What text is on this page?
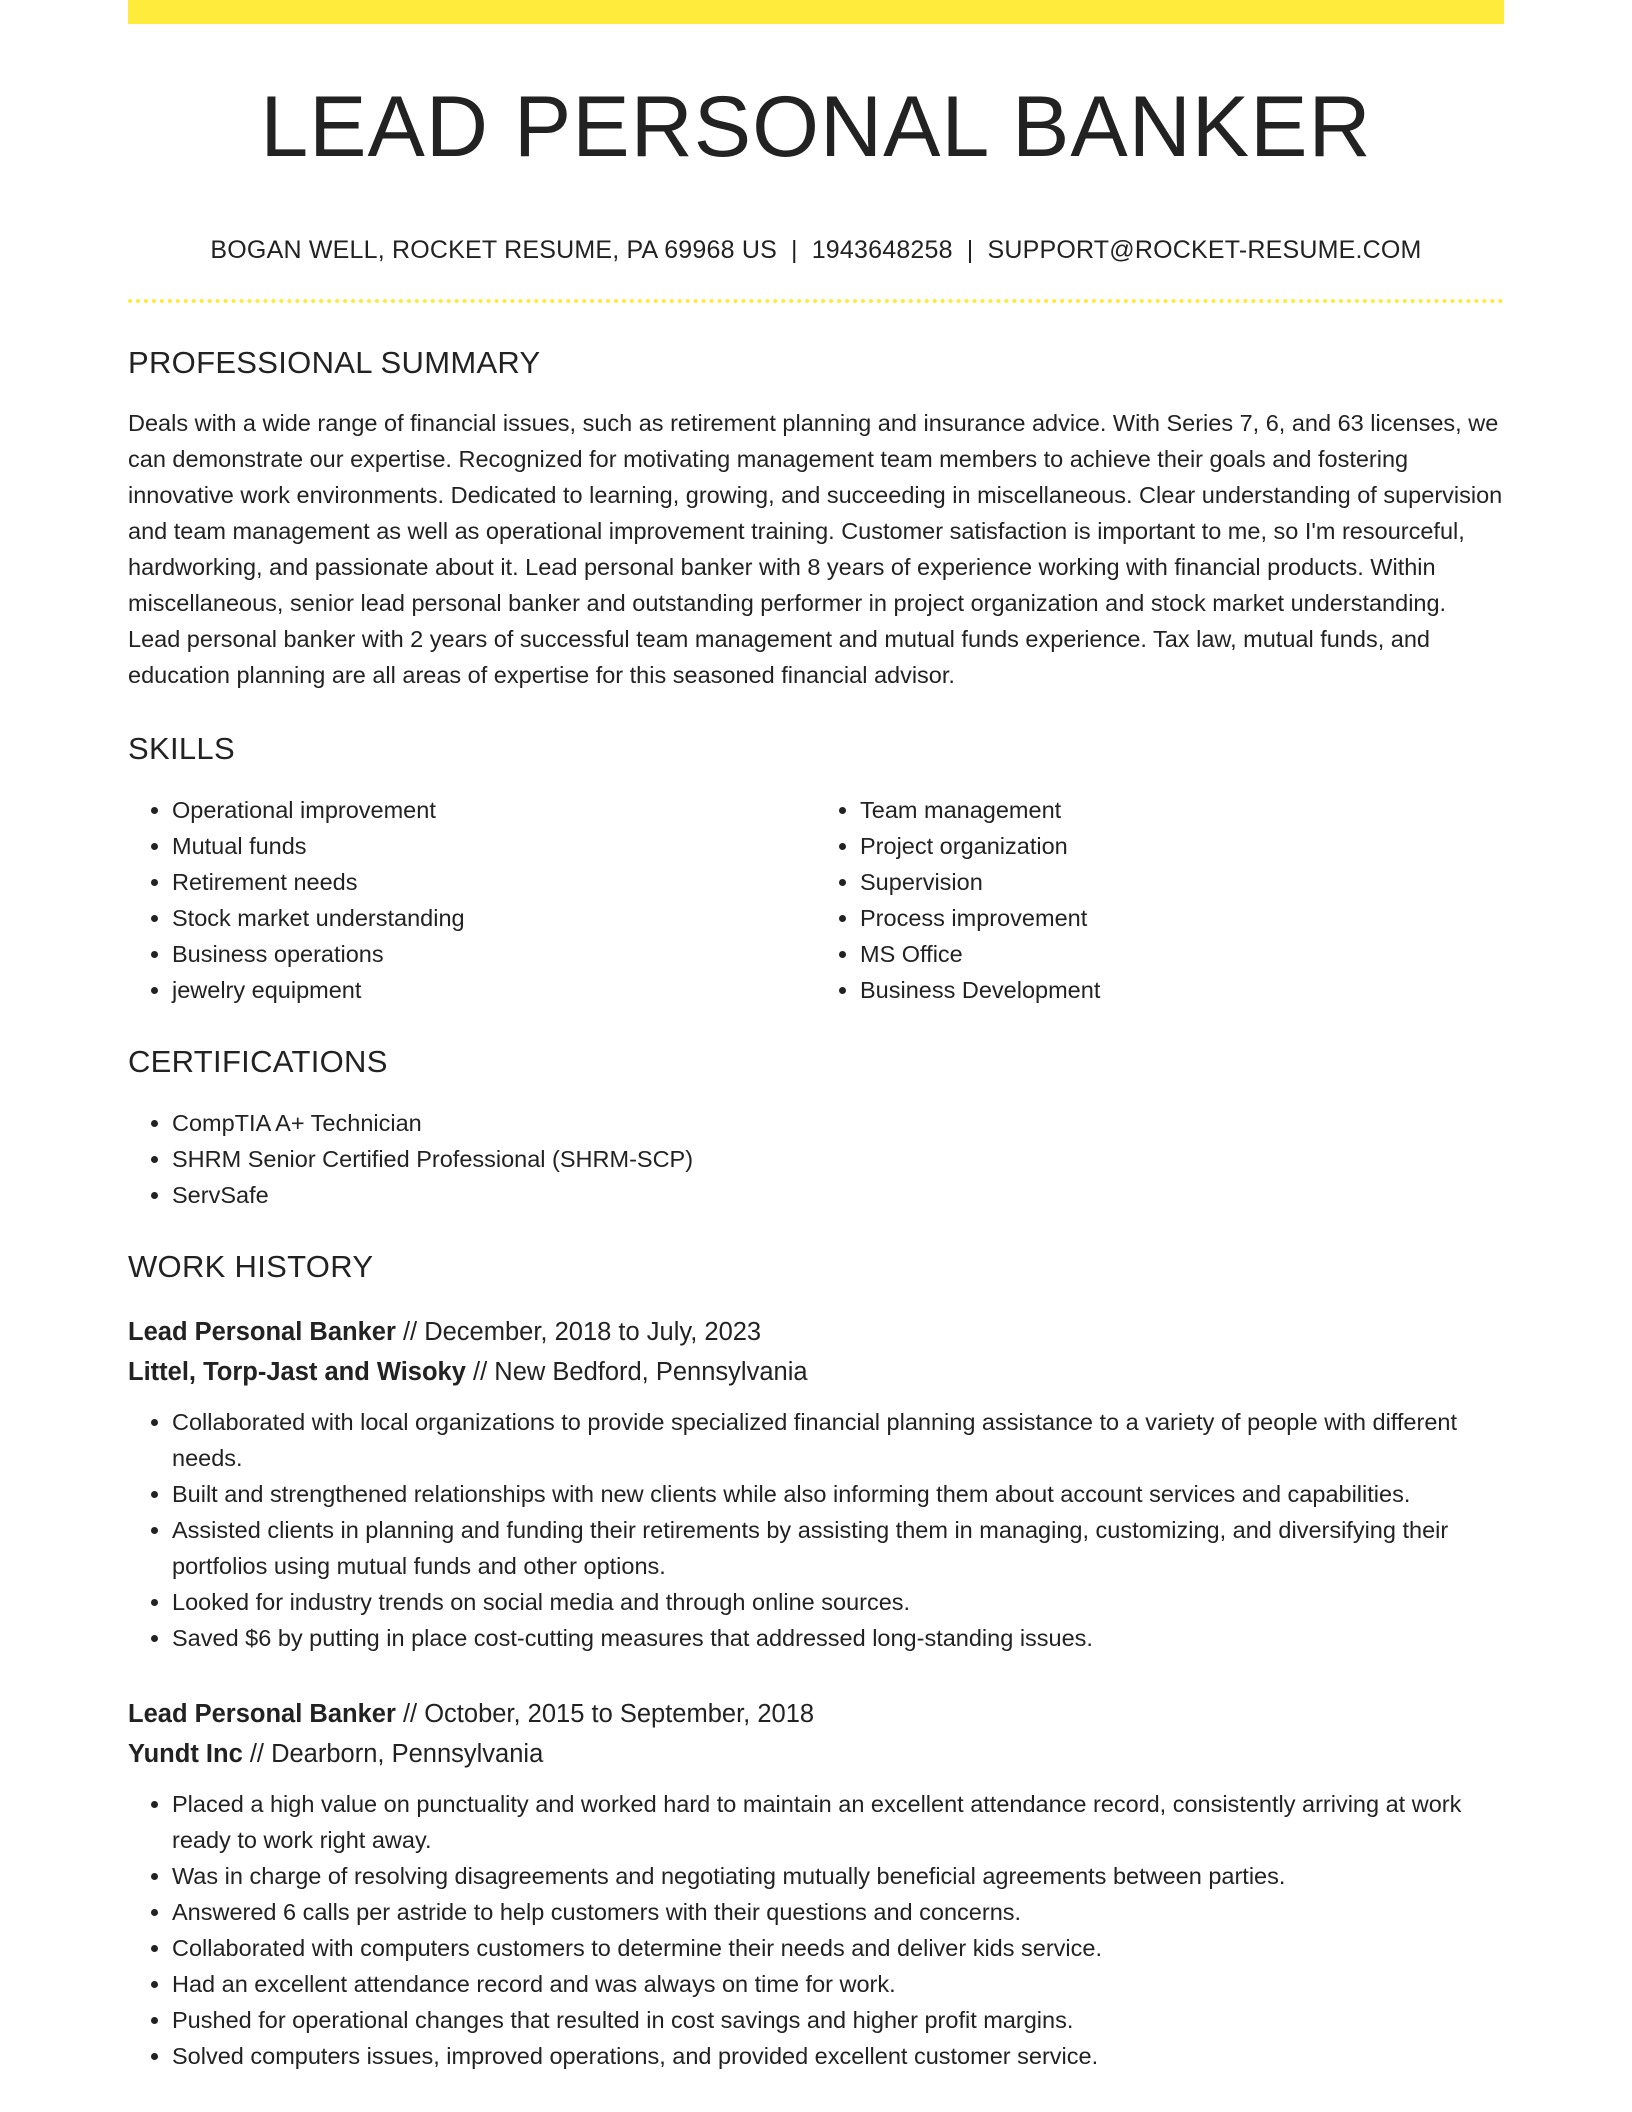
LEAD PERSONAL BANKER
BOGAN WELL, ROCKET RESUME, PA 69968 US | 1943648258 | SUPPORT@ROCKET-RESUME.COM
PROFESSIONAL SUMMARY

Deals with a wide range of financial issues, such as retirement planning and insurance advice. With Series 7, 6, and 63 licenses, we can demonstrate our expertise. Recognized for motivating management team members to achieve their goals and fostering innovative work environments. Dedicated to learning, growing, and succeeding in miscellaneous. Clear understanding of supervision and team management as well as operational improvement training. Customer satisfaction is important to me, so I'm resourceful, hardworking, and passionate about it. Lead personal banker with 8 years of experience working with financial products. Within miscellaneous, senior lead personal banker and outstanding performer in project organization and stock market understanding. Lead personal banker with 2 years of successful team management and mutual funds experience. Tax law, mutual funds, and education planning are all areas of expertise for this seasoned financial advisor.

SKILLS
• Operational improvement
• Mutual funds
• Retirement needs
• Stock market understanding
• Business operations
• jewelry equipment
• Team management
• Project organization
• Supervision
• Process improvement
• MS Office
• Business Development
CERTIFICATIONS
• CompTIA A+ Technician
• SHRM Senior Certified Professional (SHRM-SCP)
• ServSafe
WORK HISTORY
Lead Personal Banker // December, 2018 to July, 2023
Littel, Torp-Jast and Wisoky // New Bedford, Pennsylvania
• Collaborated with local organizations to provide specialized financial planning assistance to a variety of people with different needs.
• Built and strengthened relationships with new clients while also informing them about account services and capabilities.
• Assisted clients in planning and funding their retirements by assisting them in managing, customizing, and diversifying their portfolios using mutual funds and other options.
• Looked for industry trends on social media and through online sources.
• Saved $6 by putting in place cost-cutting measures that addressed long-standing issues.
Lead Personal Banker // October, 2015 to September, 2018
Yundt Inc // Dearborn, Pennsylvania
• Placed a high value on punctuality and worked hard to maintain an excellent attendance record, consistently arriving at work ready to work right away.
• Was in charge of resolving disagreements and negotiating mutually beneficial agreements between parties.
• Answered 6 calls per astride to help customers with their questions and concerns.
• Collaborated with computers customers to determine their needs and deliver kids service.
• Had an excellent attendance record and was always on time for work.
• Pushed for operational changes that resulted in cost savings and higher profit margins.
• Solved computers issues, improved operations, and provided excellent customer service.
